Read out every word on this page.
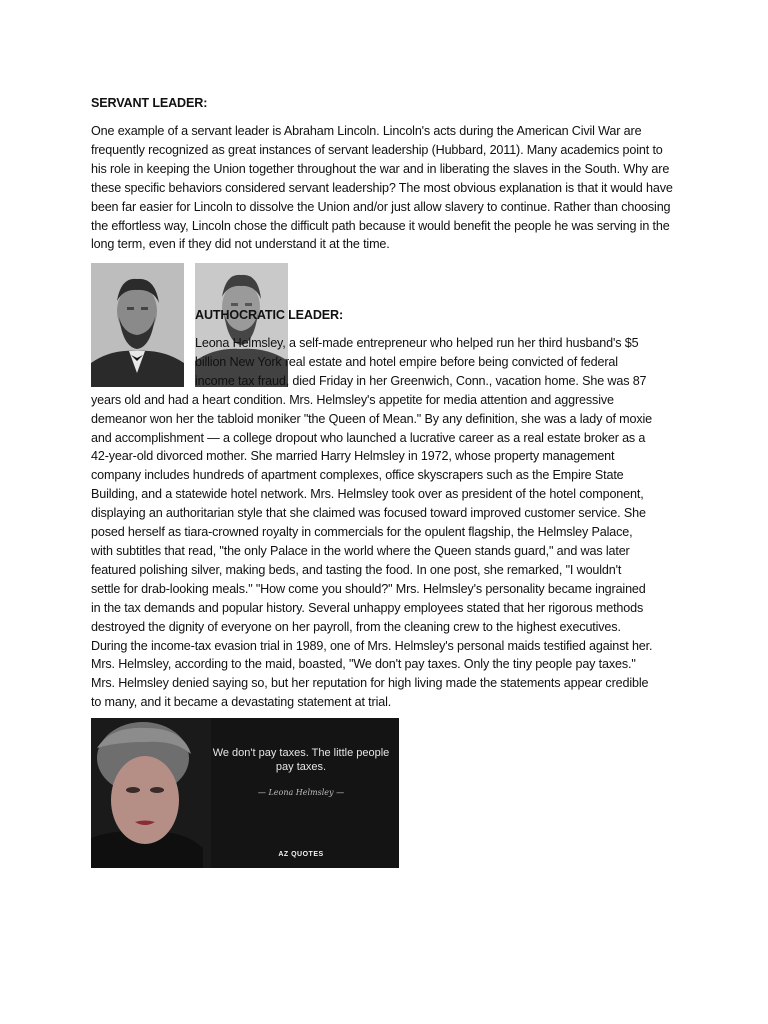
SERVANT LEADER:
One example of a servant leader is Abraham Lincoln. Lincoln's acts during the American Civil War are frequently recognized as great instances of servant leadership (Hubbard, 2011). Many academics point to his role in keeping the Union together throughout the war and in liberating the slaves in the South. Why are these specific behaviors considered servant leadership? The most obvious explanation is that it would have been far easier for Lincoln to dissolve the Union and/or just allow slavery to continue. Rather than choosing the effortless way, Lincoln chose the difficult path because it would benefit the people he was serving in the long term, even if they did not understand it at the time.
AUTHOCRATIC LEADER:
Leona Helmsley, a self-made entrepreneur who helped run her third husband's $5
billion New York real estate and hotel empire before being convicted of federal
income tax fraud, died Friday in her Greenwich, Conn., vacation home. She was 87
years old and had a heart condition. Mrs. Helmsley's appetite for media attention and aggressive
demeanor won her the tabloid moniker "the Queen of Mean." By any definition, she was a lady of moxie
and accomplishment — a college dropout who launched a lucrative career as a real estate broker as a
42-year-old divorced mother. She married Harry Helmsley in 1972, whose property management
company includes hundreds of apartment complexes, office skyscrapers such as the Empire State
Building, and a statewide hotel network. Mrs. Helmsley took over as president of the hotel component,
displaying an authoritarian style that she claimed was focused toward improved customer service. She
posed herself as tiara-crowned royalty in commercials for the opulent flagship, the Helmsley Palace,
with subtitles that read, "the only Palace in the world where the Queen stands guard," and was later
featured polishing silver, making beds, and tasting the food. In one post, she remarked, "I wouldn't
settle for drab-looking meals." "How come you should?" Mrs. Helmsley's personality became ingrained
in the tax demands and popular history. Several unhappy employees stated that her rigorous methods
destroyed the dignity of everyone on her payroll, from the cleaning crew to the highest executives.
During the income-tax evasion trial in 1989, one of Mrs. Helmsley's personal maids testified against her.
Mrs. Helmsley, according to the maid, boasted, "We don't pay taxes. Only the tiny people pay taxes."
Mrs. Helmsley denied saying so, but her reputation for high living made the statements appear credible
to many, and it became a devastating statement at trial.
We don't pay taxes. The little people pay taxes.
— Leona Helmsley —
AZ QUOTES
